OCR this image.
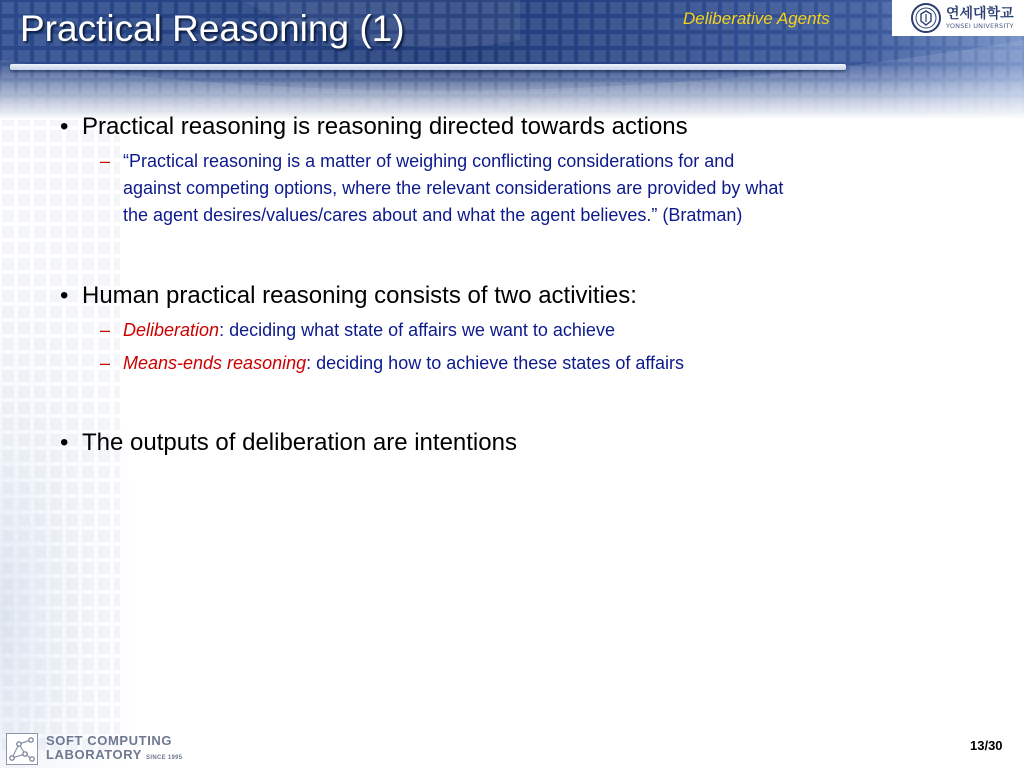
Practical Reasoning (1)	Deliberative Agents	연세대학교
YONSEI UNIVERSITY
• Practical reasoning is reasoning directed towards actions
– “Practical reasoning is a matter of weighing conflicting considerations for and
against competing options, where the relevant considerations are provided by what
the agent desires/values/cares about and what the agent believes.” (Bratman)
• Human practical reasoning consists of two activities:
– Deliberation: deciding what state of affairs we want to achieve
– Means-ends reasoning: deciding how to achieve these states of affairs
• The outputs of deliberation are intentions
SOFT COMPUTING
LABORATORY SINCE 1995
13/30
